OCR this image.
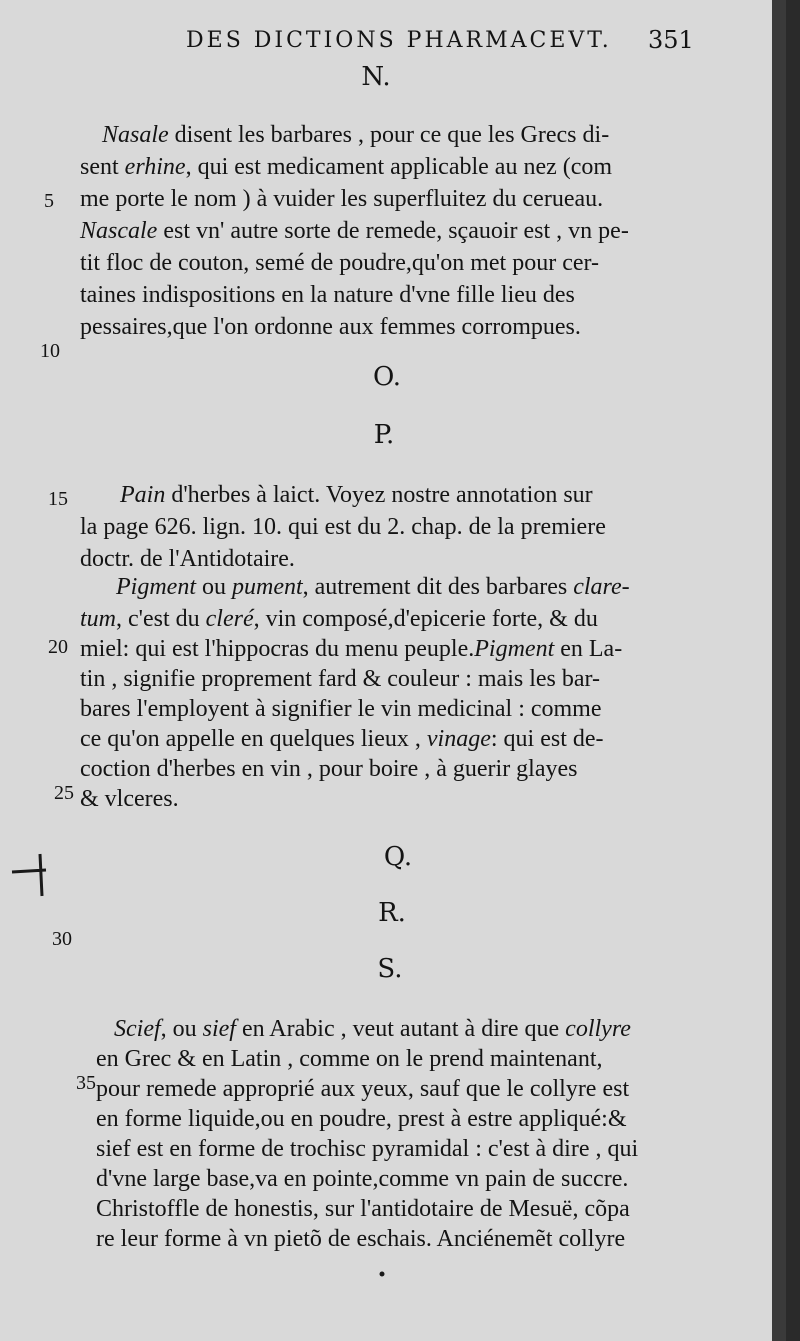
DES DICTIONS PHARMACEVT. 351
N.
Nasale disent les barbares , pour ce que les Grecs di-
sent erhine, qui est medicament applicable au nez (com
me porte le nom ) à vuider les superfluitez du cerueau.
Nascale est vn' autre sorte de remede, sçauoir est , vn pe-
tit floc de couton, semé de poudre,qu'on met pour cer-
taines indispositions en la nature d'vne fille lieu des
pessaires,que l'on ordonne aux femmes corrompues.
O.
P.
Pain d'herbes à laict. Voyez nostre annotation sur
la page 626. lign. 10. qui est du 2. chap. de la premiere
doctr. de l'Antidotaire.
Pigment ou pument, autrement dit des barbares clare-
tum, c'est du cleré, vin composé,d'epicerie forte, & du
miel: qui est l'hippocras du menu peuple.Pigment en La-
tin , signifie proprement fard & couleur : mais les bar-
bares l'employent à signifier le vin medicinal : comme
ce qu'on appelle en quelques lieux , vinage: qui est de-
coction d'herbes en vin , pour boire , à guerir glayes
& vlceres.
Q.
R.
S.
Scief, ou sief en Arabic , veut autant à dire que collyre
en Grec & en Latin , comme on le prend maintenant,
pour remede approprié aux yeux, sauf que le collyre est
en forme liquide,ou en poudre, prest à estre appliqué:&
sief est en forme de trochisc pyramidal : c'est à dire , qui
d'vne large base,va en pointe,comme vn pain de succre.
Christoffle de honestis, sur l'antidotaire de Mesuë, cõpa
re leur forme à vn pietõ de eschais. Anciénemẽt collyre
5
10
15
20
25
30
35
